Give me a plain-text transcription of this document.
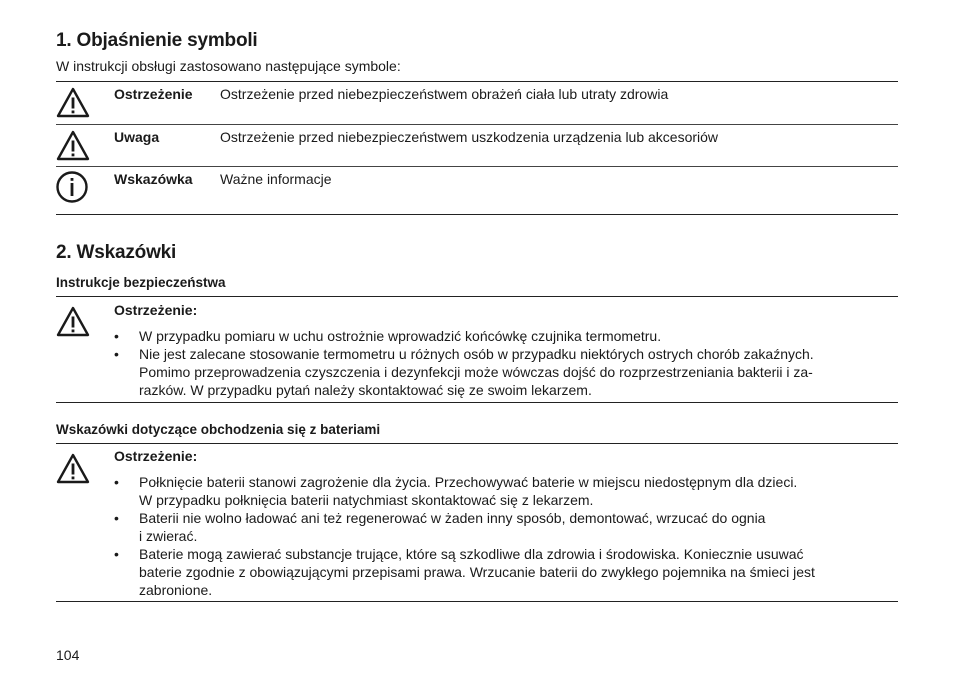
1. Objaśnienie symboli
W instrukcji obsługi zastosowano następujące symbole:
Ostrzeżenie Ostrzeżenie przed niebezpieczeństwem obrażeń ciała lub utraty zdrowia
Uwaga	Ostrzeżenie przed niebezpieczeństwem uszkodzenia urządzenia lub akcesoriów
Wskazówka Ważne informacje
2. Wskazówki
Instrukcje bezpieczeństwa
Ostrzeżenie:
• W przypadku pomiaru w uchu ostrożnie wprowadzić końcówkę czujnika termometru.
• Nie jest zalecane stosowanie termometru u różnych osób w przypadku niektórych ostrych chorób zakaźnych.
Pomimo przeprowadzenia czyszczenia i dezynfekcji może wówczas dojść do rozprzestrzeniania bakterii i za-
razków. W przypadku pytań należy skontaktować się ze swoim lekarzem.
Wskazówki dotyczące obchodzenia się z bateriami
Ostrzeżenie:
• Połknięcie baterii stanowi zagrożenie dla życia. Przechowywać baterie w miejscu niedostępnym dla dzieci.
W przypadku połknięcia baterii natychmiast skontaktować się z lekarzem.
• Baterii nie wolno ładować ani też regenerować w żaden inny sposób, demontować, wrzucać do ognia
i zwierać.
• Baterie mogą zawierać substancje trujące, które są szkodliwe dla zdrowia i środowiska. Koniecznie usuwać
baterie zgodnie z obowiązującymi przepisami prawa. Wrzucanie baterii do zwykłego pojemnika na śmieci jest
zabronione.
104
